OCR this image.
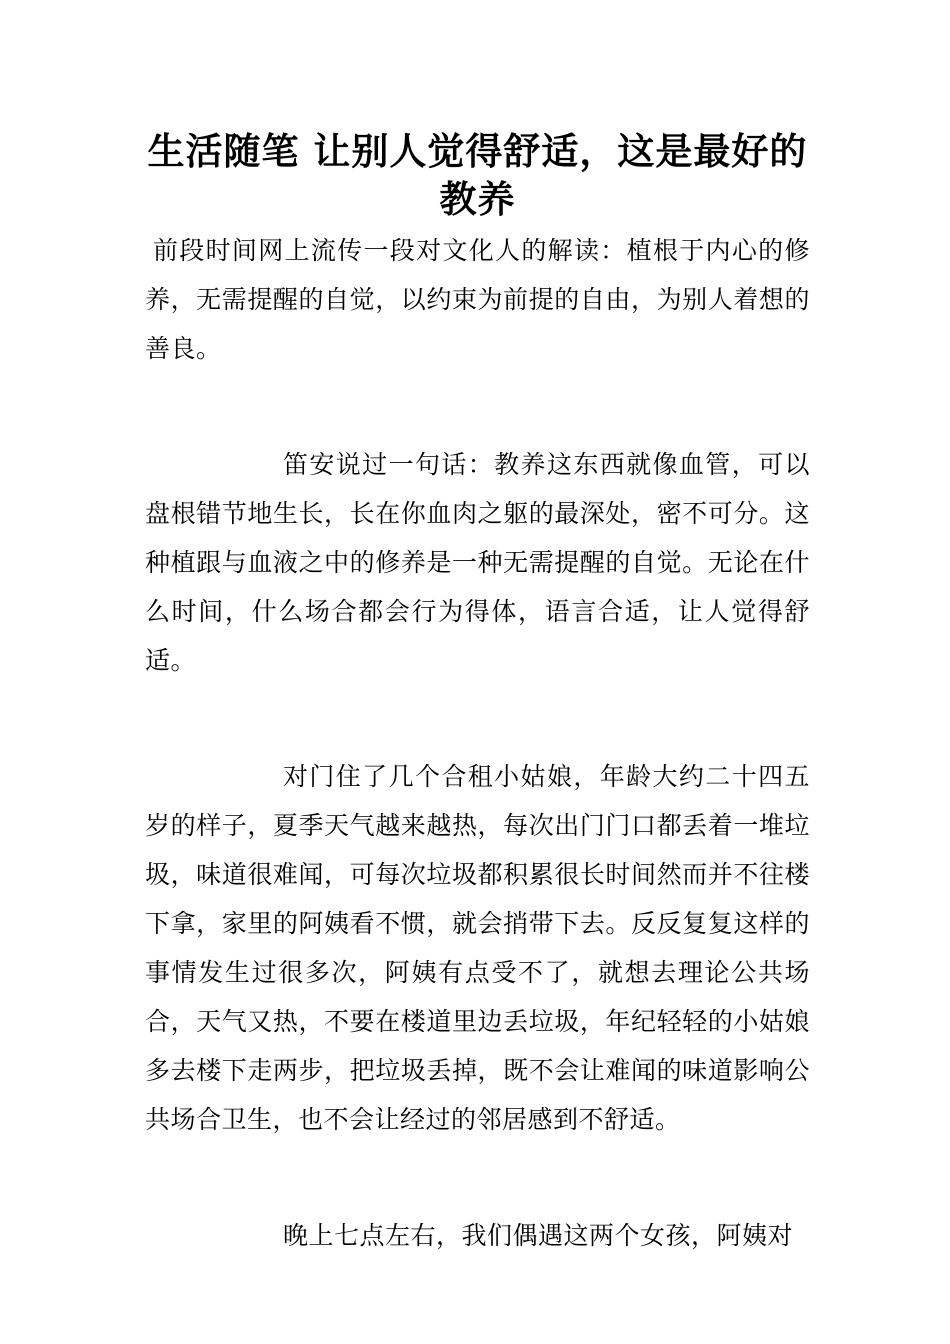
生活随笔 让别人觉得舒适，这是最好的教养

前段时间网上流传一段对文化人的解读：植根于内心的修养，无需提醒的自觉，以约束为前提的自由，为别人着想的善良。

笛安说过一句话：教养这东西就像血管，可以盘根错节地生长，长在你血肉之躯的最深处，密不可分。这种植跟与血液之中的修养是一种无需提醒的自觉。无论在什么时间，什么场合都会行为得体，语言合适，让人觉得舒适。

对门住了几个合租小姑娘，年龄大约二十四五岁的样子，夏季天气越来越热，每次出门门口都丢着一堆垃圾，味道很难闻，可每次垃圾都积累很长时间然而并不往楼下拿，家里的阿姨看不惯，就会捎带下去。反反复复这样的事情发生过很多次，阿姨有点受不了，就想去理论公共场合，天气又热，不要在楼道里边丢垃圾，年纪轻轻的小姑娘多去楼下走两步，把垃圾丢掉，既不会让难闻的味道影响公共场合卫生，也不会让经过的邻居感到不舒适。

晚上七点左右，我们偶遇这两个女孩，阿姨对
